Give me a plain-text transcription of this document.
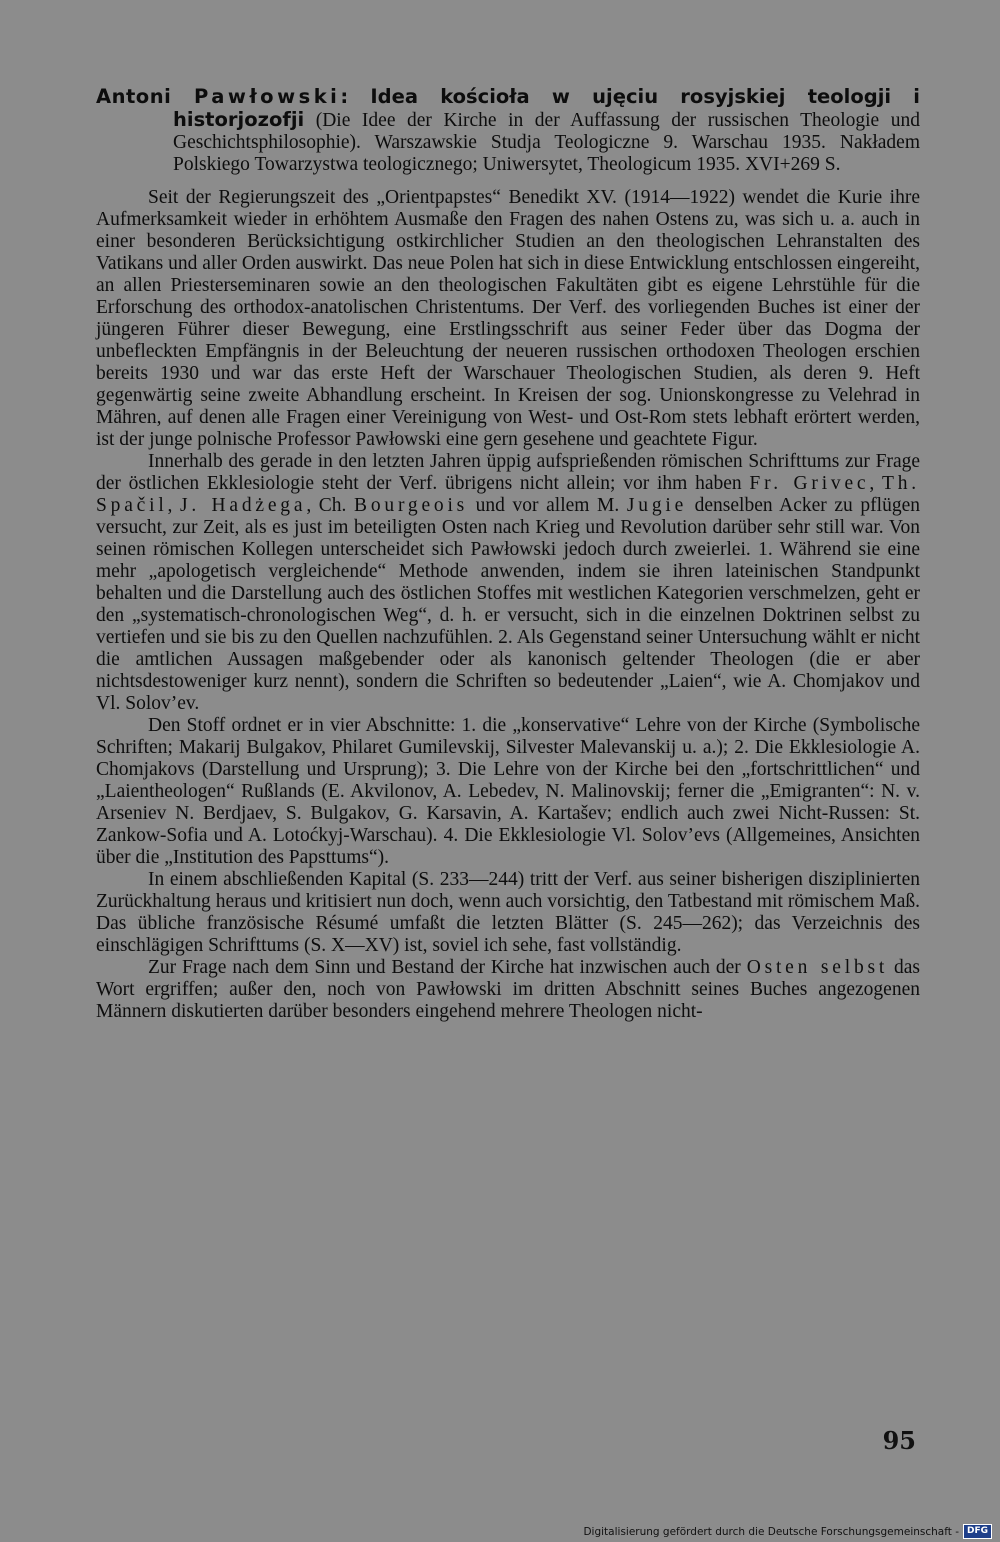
Antoni Pawłowski: Idea kościoła w ujęciu rosyjskiej teologji i historjozofji (Die Idee der Kirche in der Auffassung der russischen Theologie und Geschichtsphilosophie). Warszawskie Studja Teologiczne 9. Warschau 1935. Nakładem Polskiego Towarzystwa teologicznego; Uniwersytet, Theologicum 1935. XVI+269 S.

Seit der Regierungszeit des „Orientpapstes“ Benedikt XV. (1914—1922) wendet die Kurie ihre Aufmerksamkeit wieder in erhöhtem Ausmaße den Fragen des nahen Ostens zu, was sich u. a. auch in einer besonderen Berücksichtigung ostkirchlicher Studien an den theologischen Lehranstalten des Vatikans und aller Orden auswirkt. Das neue Polen hat sich in diese Entwicklung entschlossen eingereiht, an allen Priesterseminaren sowie an den theologischen Fakultäten gibt es eigene Lehrstühle für die Erforschung des orthodox-anatolischen Christentums. Der Verf. des vorliegenden Buches ist einer der jüngeren Führer dieser Bewegung, eine Erstlingsschrift aus seiner Feder über das Dogma der unbefleckten Empfängnis in der Beleuchtung der neueren russischen orthodoxen Theologen erschien bereits 1930 und war das erste Heft der Warschauer Theologischen Studien, als deren 9. Heft gegenwärtig seine zweite Abhandlung erscheint. In Kreisen der sog. Unionskongresse zu Velehrad in Mähren, auf denen alle Fragen einer Vereinigung von West- und Ost-Rom stets lebhaft erörtert werden, ist der junge polnische Professor Pawłowski eine gern gesehene und geachtete Figur.

Innerhalb des gerade in den letzten Jahren üppig aufsprießenden römischen Schrifttums zur Frage der östlichen Ekklesiologie steht der Verf. übrigens nicht allein; vor ihm haben Fr. Grivec, Th. Spačil, J. Hadżega, Ch. Bourgeois und vor allem M. Jugie denselben Acker zu pflügen versucht, zur Zeit, als es just im beteiligten Osten nach Krieg und Revolution darüber sehr still war. Von seinen römischen Kollegen unterscheidet sich Pawłowski jedoch durch zweierlei. 1. Während sie eine mehr „apologetisch vergleichende“ Methode anwenden, indem sie ihren lateinischen Standpunkt behalten und die Darstellung auch des östlichen Stoffes mit westlichen Kategorien verschmelzen, geht er den „systematisch-chronologischen Weg“, d. h. er versucht, sich in die einzelnen Doktrinen selbst zu vertiefen und sie bis zu den Quellen nachzufühlen. 2. Als Gegenstand seiner Untersuchung wählt er nicht die amtlichen Aussagen maßgebender oder als kanonisch geltender Theologen (die er aber nichtsdestoweniger kurz nennt), sondern die Schriften so bedeutender „Laien“, wie A. Chomjakov und Vl. Solov’ev.

Den Stoff ordnet er in vier Abschnitte: 1. die „konservative“ Lehre von der Kirche (Symbolische Schriften; Makarij Bulgakov, Philaret Gumilevskij, Silvester Malevanskij u. a.); 2. Die Ekklesiologie A. Chomjakovs (Darstellung und Ursprung); 3. Die Lehre von der Kirche bei den „fortschrittlichen“ und „Laientheologen“ Rußlands (E. Akvilonov, A. Lebedev, N. Malinovskij; ferner die „Emigranten“: N. v. Arseniev N. Berdjaev, S. Bulgakov, G. Karsavin, A. Kartašev; endlich auch zwei Nicht-Russen: St. Zankow-Sofia und A. Lotoćkyj-Warschau). 4. Die Ekklesiologie Vl. Solov’evs (Allgemeines, Ansichten über die „Institution des Papsttums“).

In einem abschließenden Kapital (S. 233—244) tritt der Verf. aus seiner bisherigen disziplinierten Zurückhaltung heraus und kritisiert nun doch, wenn auch vorsichtig, den Tatbestand mit römischem Maß. Das übliche französische Résumé umfaßt die letzten Blätter (S. 245—262); das Verzeichnis des einschlägigen Schrifttums (S. X—XV) ist, soviel ich sehe, fast vollständig.

Zur Frage nach dem Sinn und Bestand der Kirche hat inzwischen auch der Osten selbst das Wort ergriffen; außer den, noch von Pawłowski im dritten Abschnitt seines Buches angezogenen Männern diskutierten darüber besonders eingehend mehrere Theologen nicht-

95
Digitalisierung gefördert durch die Deutsche Forschungsgemeinschaft - DFG
